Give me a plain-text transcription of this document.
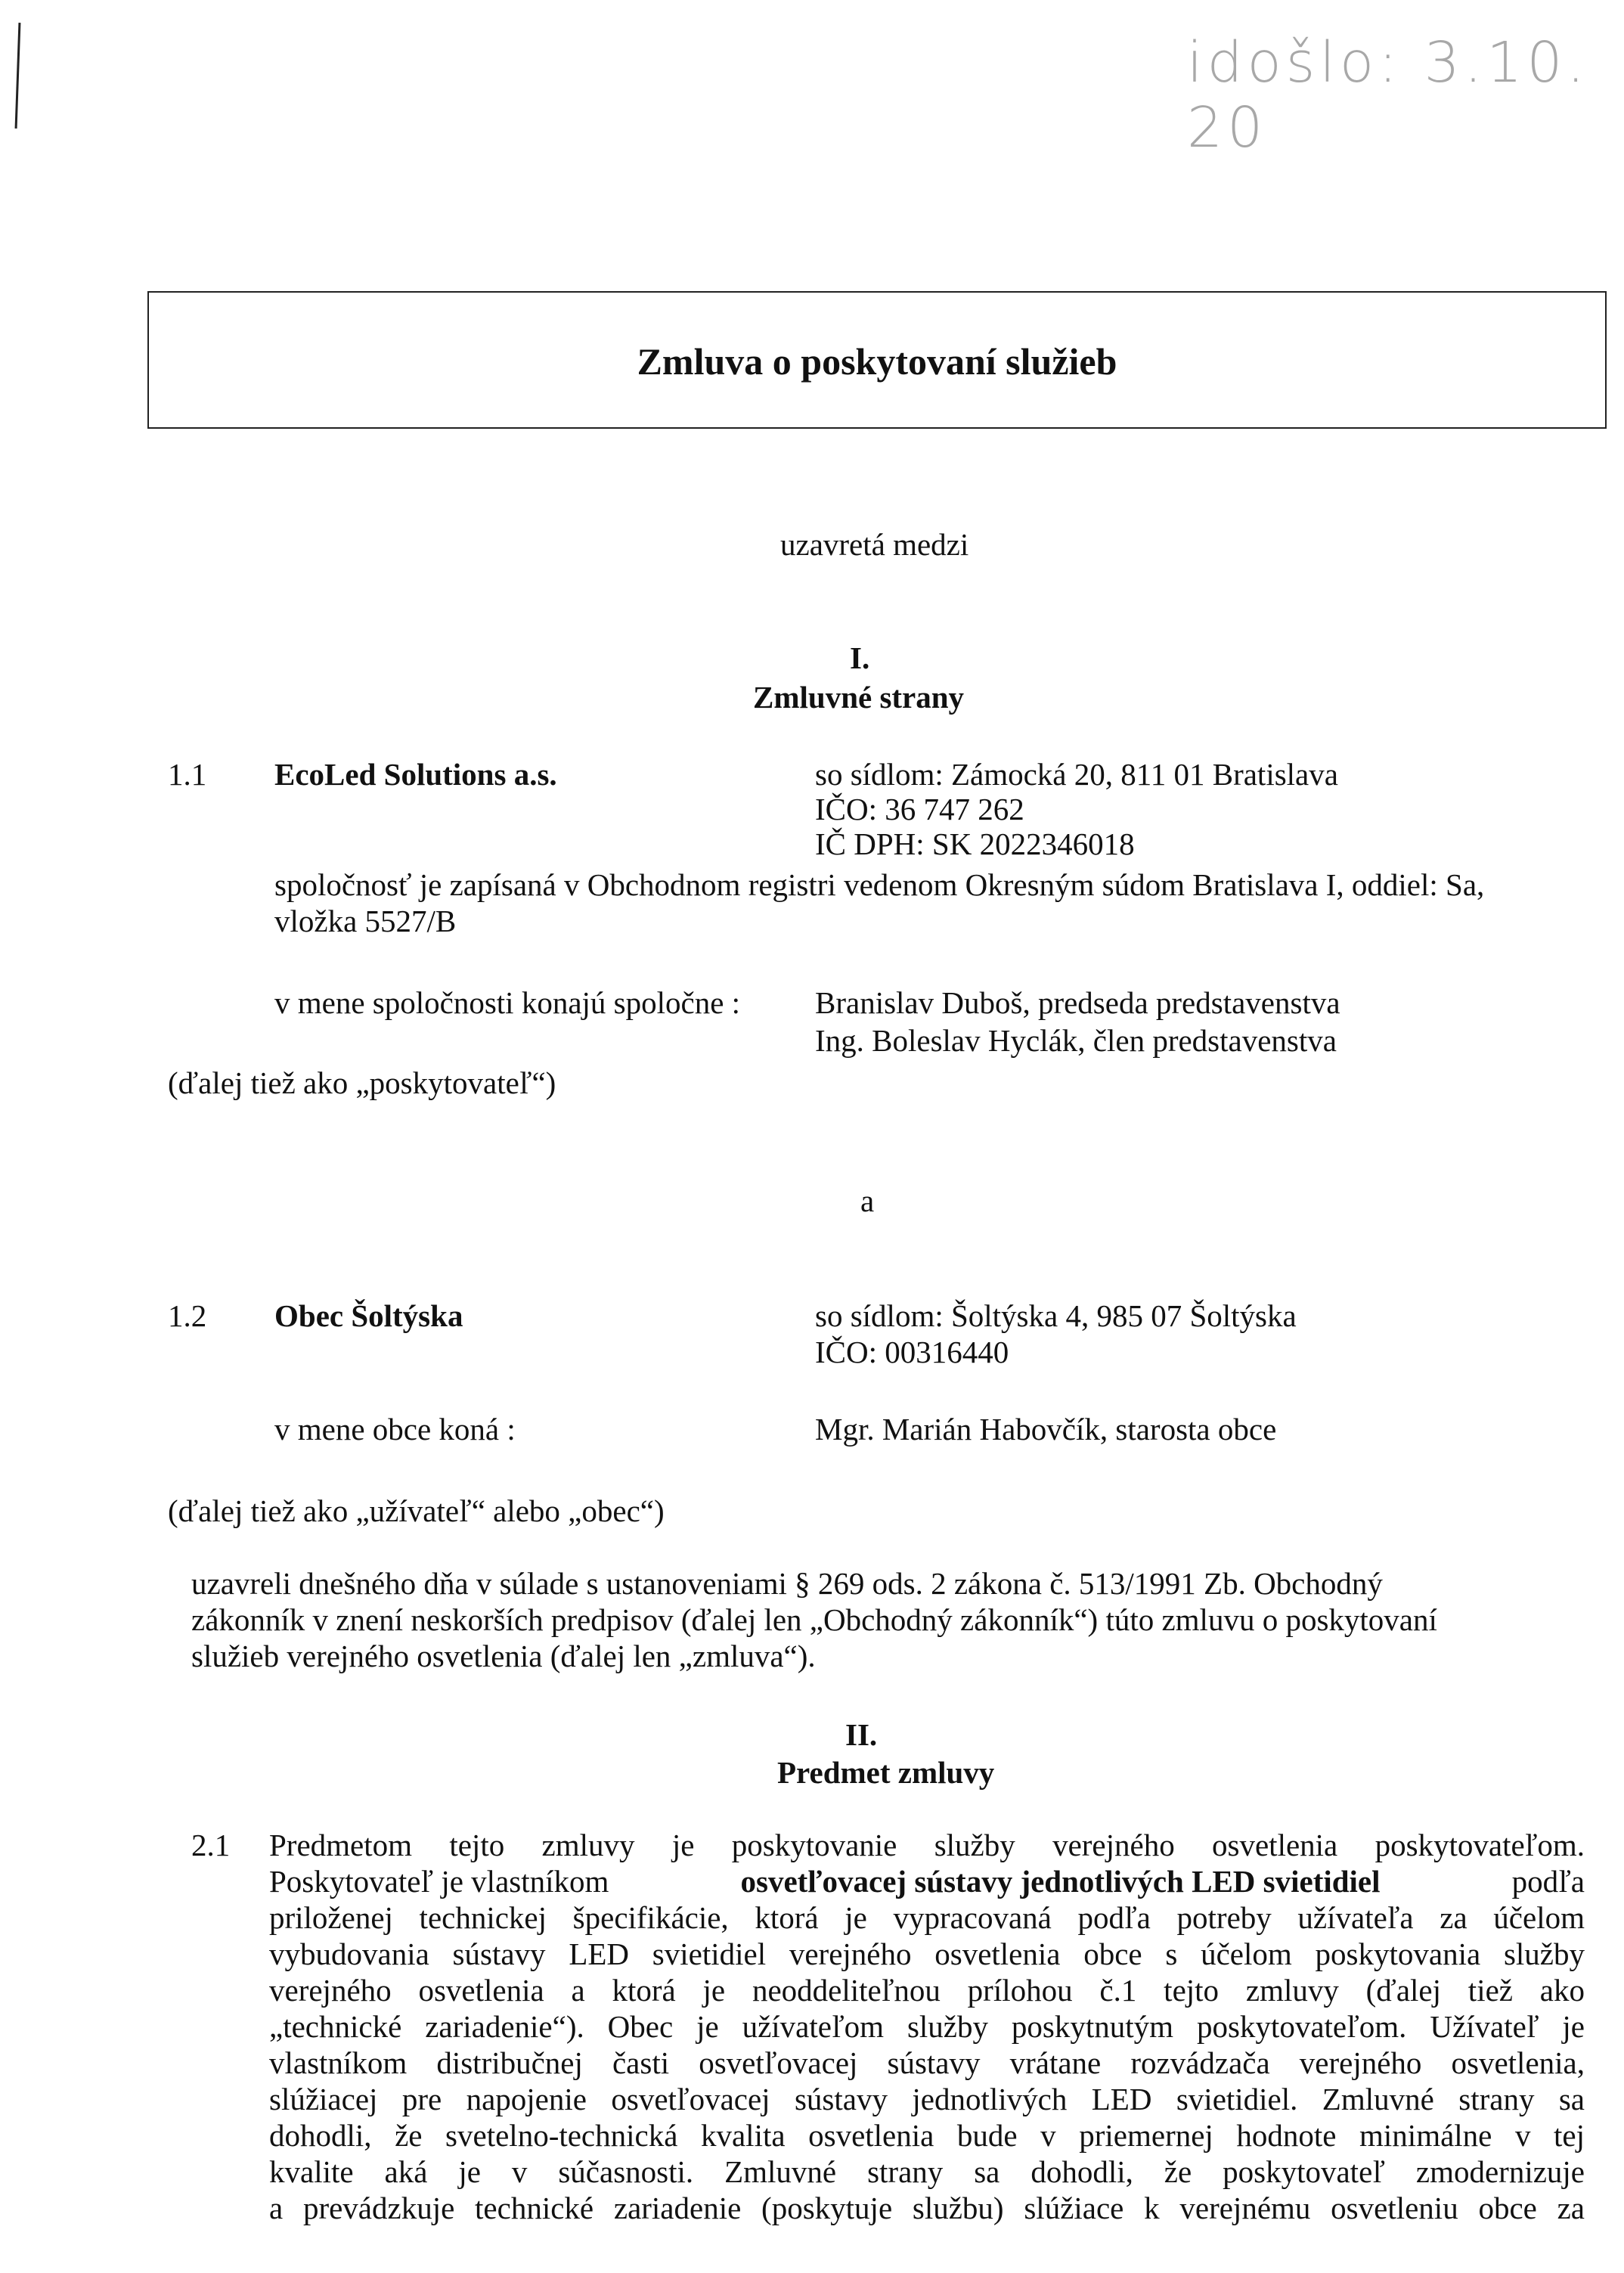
idošlo: 3.10. 20
Zmluva o poskytovaní služieb
uzavretá medzi
I.
Zmluvné strany
1.1 EcoLed Solutions a.s.	so sídlom: Zámocká 20, 811 01 Bratislava
IČO: 36 747 262
IČ DPH: SK 2022346018
spoločnosť je zapísaná v Obchodnom registri vedenom Okresným súdom Bratislava I, oddiel: Sa,
vložka 5527/B
v mene spoločnosti konajú spoločne : Branislav Duboš, predseda predstavenstva
Ing. Boleslav Hyclák, člen predstavenstva
(ďalej tiež ako „poskytovateľ“)
a
1.2 Obec Šoltýska	so sídlom: Šoltýska 4, 985 07 Šoltýska
IČO: 00316440
v mene obce koná :	Mgr. Marián Habovčík, starosta obce
(ďalej tiež ako „užívateľ“ alebo „obec“)
uzavreli dnešného dňa v súlade s ustanoveniami § 269 ods. 2 zákona č. 513/1991 Zb. Obchodný
zákonník v znení neskorších predpisov (ďalej len „Obchodný zákonník“) túto zmluvu o poskytovaní
služieb verejného osvetlenia (ďalej len „zmluva“).
II.
Predmet zmluvy
2.1 Predmetom tejto zmluvy je poskytovanie služby verejného osvetlenia poskytovateľom.
Poskytovateľ je vlastníkom	osvetľovacej sústavy jednotlivých LED svietidiel	podľa
priloženej technickej špecifikácie, ktorá je vypracovaná podľa potreby užívateľa za účelom
vybudovania sústavy LED svietidiel verejného osvetlenia obce s účelom poskytovania služby
verejného osvetlenia a ktorá je neoddeliteľnou prílohou č.1 tejto zmluvy (ďalej tiež ako
„technické zariadenie“). Obec je užívateľom služby poskytnutým poskytovateľom. Užívateľ je
vlastníkom distribučnej časti osvetľovacej sústavy vrátane rozvádzača verejného osvetlenia,
slúžiacej pre napojenie osvetľovacej sústavy jednotlivých LED svietidiel. Zmluvné strany sa
dohodli, že svetelno-technická kvalita osvetlenia bude v priemernej hodnote minimálne v tej
kvalite aká je v súčasnosti. Zmluvné strany sa dohodli, že poskytovateľ zmodernizuje
a prevádzkuje technické zariadenie (poskytuje službu) slúžiace k verejnému osvetleniu obce za
